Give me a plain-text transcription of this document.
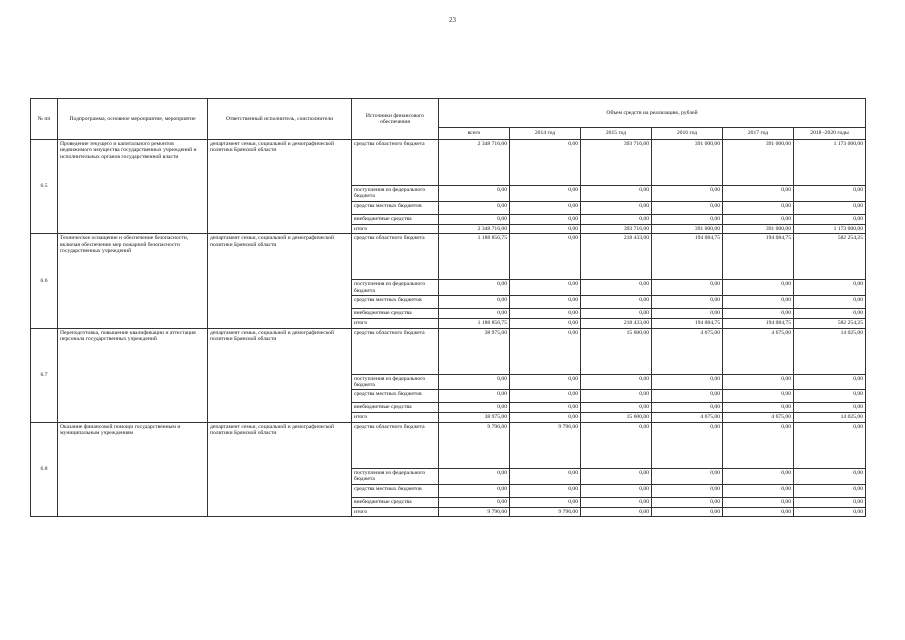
23
№ пп	Подпрограмма, основное мероприятие, мероприятие	Ответственный исполнитель, соисполнители	Источники финансового обеспечения	Объем средств на реализацию, рублей					
				всего	2014 год	2015 год	2016 год	2017 год	2018 -2020 годы
6.5	Проведение текущего и капитального ремонтов недвижимого имущества государственных учреждений и исполнительных органов государственной власти	департамент семьи, социальной и демографической политики Брянской области	средства областного бюджета	2 348 716,00	0,00	393 716,00	391 000,00	391 000,00	1 173 000,00
			поступления из федерального бюджета	0,00	0,00	0,00	0,00	0,00	0,00
			средства местных бюджетов	0,00	0,00	0,00	0,00	0,00	0,00
			внебюджетные средства	0,00	0,00	0,00	0,00	0,00	0,00
			итого	2 348 716,00	0,00	393 716,00	391 000,00	391 000,00	1 173 000,00
6.6	Техническое оснащение и обеспечение безопасности, включая обеспечение мер пожарной безопасности государственных учреждений	департамент семьи, социальной и демографической политики Брянской области	средства областного бюджета	1 188 856,75	0,00	218 433,00	194 084,75	194 084,75	582 254,25
			поступления из федерального бюджета	0,00	0,00	0,00	0,00	0,00	0,00
			средства местных бюджетов	0,00	0,00	0,00	0,00	0,00	0,00
			внебюджетные средства	0,00	0,00	0,00	0,00	0,00	0,00
			итого	1 188 856,75	0,00	218 433,00	194 084,75	194 084,75	582 254,25
6.7	Переподготовка, повышение квалификации и аттестация персонала государственных учреждений	департамент семьи, социальной и демографической политики Брянской области	средства областного бюджета	38 975,00	0,00	15 600,00	4 675,00	4 675,00	14 025,00
			поступления из федерального бюджета	0,00	0,00	0,00	0,00	0,00	0,00
			средства местных бюджетов	0,00	0,00	0,00	0,00	0,00	0,00
			внебюджетные средства	0,00	0,00	0,00	0,00	0,00	0,00
			итого	38 975,00	0,00	15 600,00	4 675,00	4 675,00	14 025,00
6.8	Оказание финансовой помощи государственным и муниципальным учреждениям	департамент семьи, социальной и демографической политики Брянской области	средства областного бюджета	9 796,00	9 796,00	0,00	0,00	0,00	0,00
			поступления из федерального бюджета	0,00	0,00	0,00	0,00	0,00	0,00
			средства местных бюджетов	0,00	0,00	0,00	0,00	0,00	0,00
			внебюджетные средства	0,00	0,00	0,00	0,00	0,00	0,00
			итого	9 796,00	9 796,00	0,00	0,00	0,00	0,00
